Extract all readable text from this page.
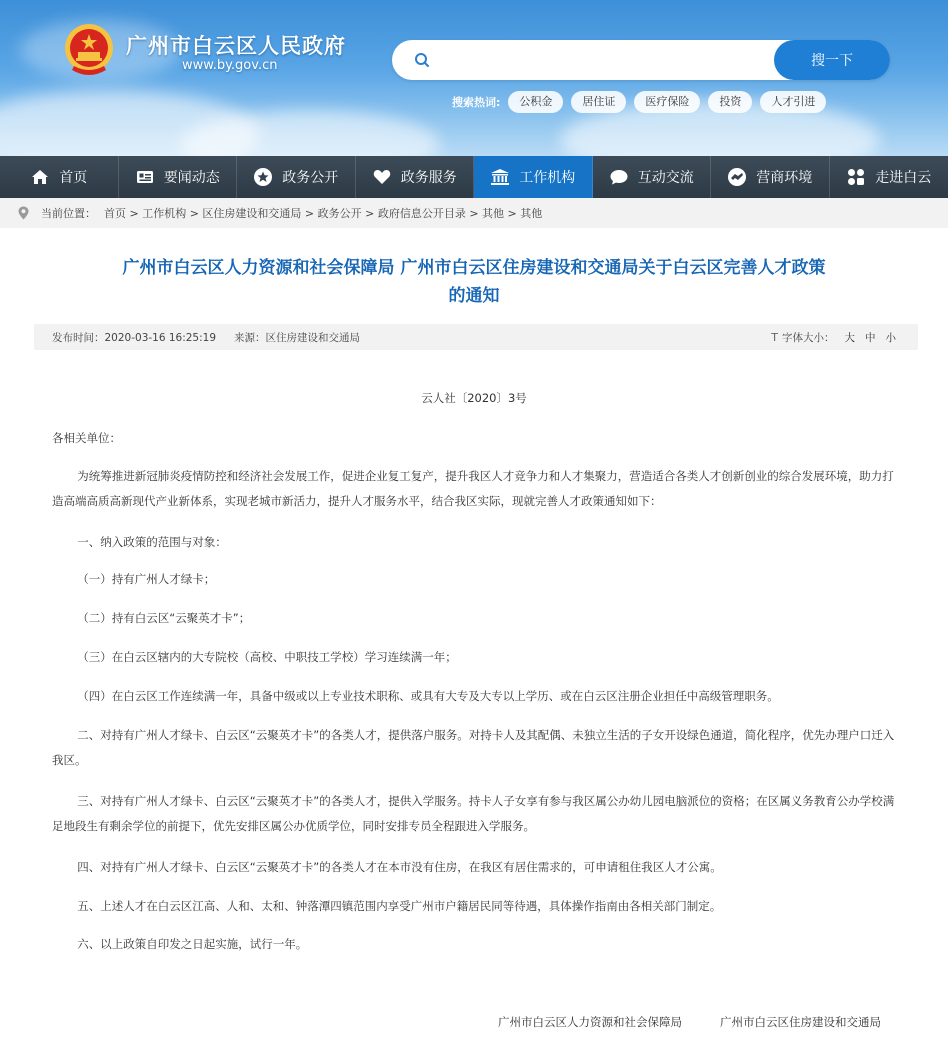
广州市白云区人民政府
www.by.gov.cn	搜一下
搜索热词:	公积金	居住证	医疗保险	投资	人才引进
首页	要闻动态	政务公开	政务服务	工作机构	互动交流	营商环境	走进白云
当前位置： 首页 > 工作机构 > 区住房建设和交通局 > 政务公开 > 政府信息公开目录 > 其他 > 其他
广州市白云区人力资源和社会保障局 广州市白云区住房建设和交通局关于白云区完善人才政策
的通知
发布时间：2020-03-16 16:25:19 来源：区住房建设和交通局	T 字体大小： 大 中 小
云人社〔2020〕3号
各相关单位：
为统筹推进新冠肺炎疫情防控和经济社会发展工作，促进企业复工复产，提升我区人才竞争力和人才集聚力，营造适合各类人才创新创业的综合发展环境，助力打造高端高质高新现代产业新体系，实现老城市新活力，提升人才服务水平，结合我区实际，现就完善人才政策通知如下：
一、纳入政策的范围与对象：
（一）持有广州人才绿卡；
（二）持有白云区“云聚英才卡”；
（三）在白云区辖内的大专院校（高校、中职技工学校）学习连续满一年；
（四）在白云区工作连续满一年，具备中级或以上专业技术职称、或具有大专及大专以上学历、或在白云区注册企业担任中高级管理职务。
二、对持有广州人才绿卡、白云区“云聚英才卡”的各类人才，提供落户服务。对持卡人及其配偶、未独立生活的子女开设绿色通道，简化程序，优先办理户口迁入我区。
三、对持有广州人才绿卡、白云区“云聚英才卡”的各类人才，提供入学服务。持卡人子女享有参与我区属公办幼儿园电脑派位的资格；在区属义务教育公办学校满足地段生有剩余学位的前提下，优先安排区属公办优质学位，同时安排专员全程跟进入学服务。
四、对持有广州人才绿卡、白云区“云聚英才卡”的各类人才在本市没有住房，在我区有居住需求的，可申请租住我区人才公寓。
五、上述人才在白云区江高、人和、太和、钟落潭四镇范围内享受广州市户籍居民同等待遇，具体操作指南由各相关部门制定。
六、以上政策自印发之日起实施，试行一年。
广州市白云区人力资源和社会保障局	广州市白云区住房建设和交通局
